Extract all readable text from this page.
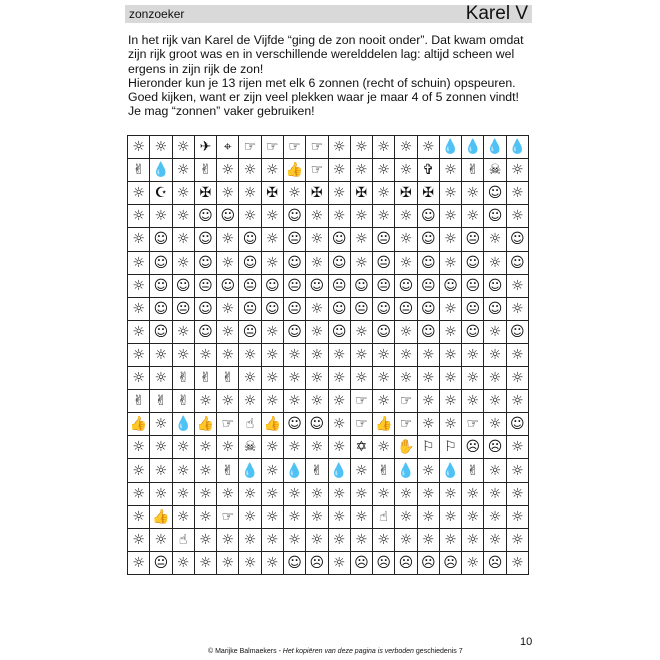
zonzoeker	Karel V

In het rijk van Karel de Vijfde “ging de zon nooit onder”. Dat kwam omdat zijn rijk groot was en in verschillende werelddelen lag: altijd scheen wel ergens in zijn rijk de zon!

Hieronder kun je 13 rijen met elk 6 zonnen (recht of schuin) opspeuren. Goed kijken, want er zijn veel plekken waar je maar 4 of 5 zonnen vindt! Je mag “zonnen” vaker gebruiken!

☼ ☼ ☼ ✈ ⌖ ☞ ☞ ☞ ☞ ☼ ☼ ☼ ☼ ☼ 💧 💧 💧 💧
✌ 💧 ☼ ✌ ☼ ☼ ☼ 👍 ☞ ☼ ☼ ☼ ☼ ✞ ☼ ✌ ☠ ☼
☼ ☪ ☼ ✠ ☼ ☼ ✠ ☼ ✠ ☼ ✠ ☼ ✠ ✠ ☼ ☼ ☺ ☼
☼ ☼ ☼ ☺ ☺ ☼ ☼ ☺ ☼ ☼ ☼ ☼ ☼ ☺ ☼ ☼ ☺ ☼
☼ ☺ ☼ ☺ ☼ ☺ ☼ 😐 ☼ ☺ ☼ 😐 ☼ ☺ ☼ 😐 ☼ ☺
☼ ☺ ☼ ☺ ☼ ☺ ☼ ☺ ☼ ☺ ☼ 😐 ☼ ☺ ☼ ☺ ☼ ☺
☼ ☺ ☺ 😐 ☺ 😐 ☺ 😐 ☺ 😐 ☺ 😐 ☺ 😐 ☺ 😐 ☺ ☼
☼ ☺ 😐 ☺ ☼ 😐 ☺ 😐 ☼ ☺ 😐 ☺ 😐 ☺ ☼ 😐 ☺ ☼
☼ ☺ ☼ ☺ ☼ 😐 ☼ ☺ ☼ ☺ ☼ ☺ ☼ ☺ ☼ ☺ ☼ ☺
☼ ☼ ☼ ☼ ☼ ☼ ☼ ☼ ☼ ☼ ☼ ☼ ☼ ☼ ☼ ☼ ☼ ☼
☼ ☼ ✌ ✌ ✌ ☼ ☼ ☼ ☼ ☼ ☼ ☼ ☼ ☼ ☼ ☼ ☼ ☼
✌ ✌ ✌ ☼ ☼ ☼ ☼ ☼ ☼ ☼ ☞ ☼ ☞ ☼ ☼ ☼ ☼ ☼
👍 ☼ 💧 👍 ☞ ☝ 👍 ☺ ☺ ☼ ☞ 👍 ☞ ☼ ☼ ☞ ☼ ☺
☼ ☼ ☼ ☼ ☼ ☠ ☼ ☼ ☼ ☼ ✡ ☼ ✋ ⚐ ⚐ ☹ ☹ ☼
☼ ☼ ☼ ☼ ✌ 💧 ☼ 💧 ✌ 💧 ☼ ✌ 💧 ☼ 💧 ✌ ☼ ☼
☼ ☼ ☼ ☼ ☼ ☼ ☼ ☼ ☼ ☼ ☼ ☼ ☼ ☼ ☼ ☼ ☼ ☼
☼ 👍 ☼ ☼ ☞ ☼ ☼ ☼ ☼ ☼ ☼ ☝ ☼ ☼ ☼ ☼ ☼ ☼
☼ ☼ ☝ ☼ ☼ ☼ ☼ ☼ ☼ ☼ ☼ ☼ ☼ ☼ ☼ ☼ ☼ ☼
☼ 😐 ☼ ☼ ☼ ☼ ☼ ☺ ☹ ☼ ☹ ☹ ☹ ☹ ☹ ☼ ☹ ☼
© Marijke Balmaekers - Het kopiëren van deze pagina is verboden geschiedenis 7
10
